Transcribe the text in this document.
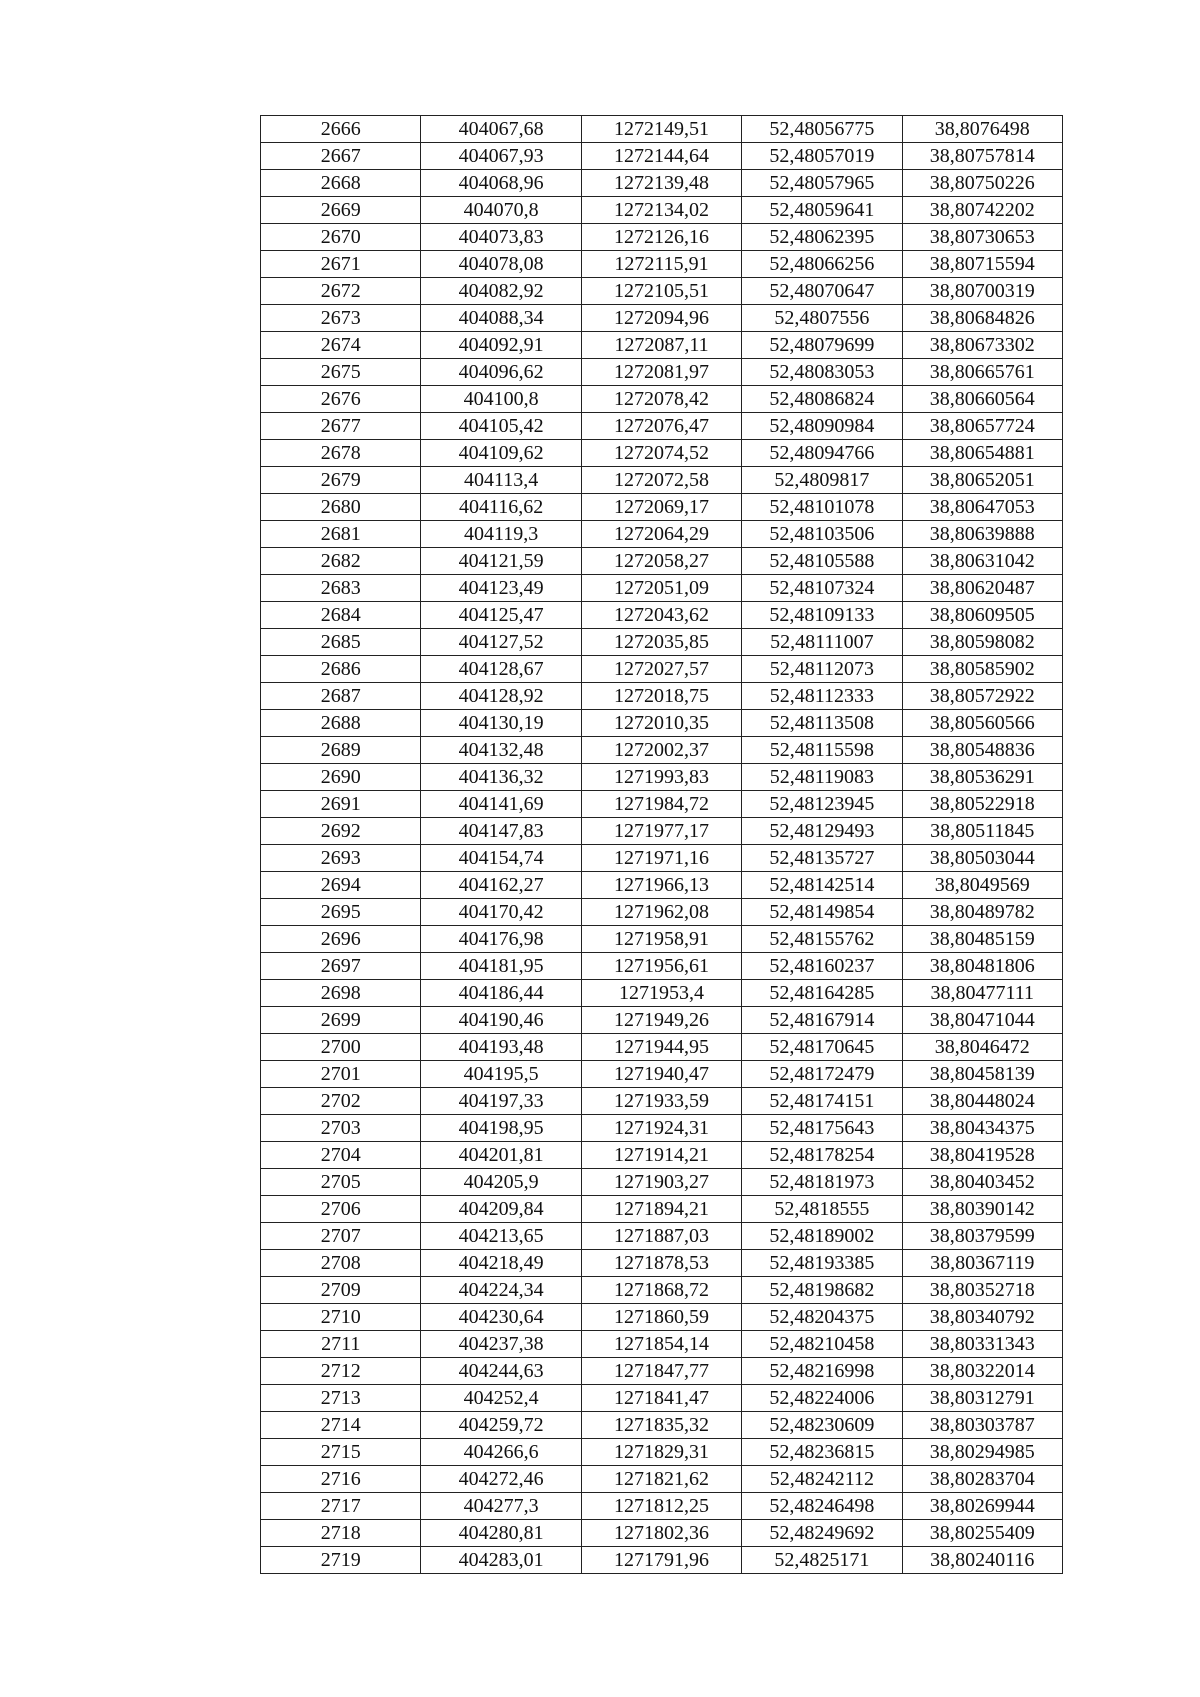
2666	404067,68	1272149,51	52,48056775	38,8076498
2667	404067,93	1272144,64	52,48057019	38,80757814
2668	404068,96	1272139,48	52,48057965	38,80750226
2669	404070,8	1272134,02	52,48059641	38,80742202
2670	404073,83	1272126,16	52,48062395	38,80730653
2671	404078,08	1272115,91	52,48066256	38,80715594
2672	404082,92	1272105,51	52,48070647	38,80700319
2673	404088,34	1272094,96	52,4807556	38,80684826
2674	404092,91	1272087,11	52,48079699	38,80673302
2675	404096,62	1272081,97	52,48083053	38,80665761
2676	404100,8	1272078,42	52,48086824	38,80660564
2677	404105,42	1272076,47	52,48090984	38,80657724
2678	404109,62	1272074,52	52,48094766	38,80654881
2679	404113,4	1272072,58	52,4809817	38,80652051
2680	404116,62	1272069,17	52,48101078	38,80647053
2681	404119,3	1272064,29	52,48103506	38,80639888
2682	404121,59	1272058,27	52,48105588	38,80631042
2683	404123,49	1272051,09	52,48107324	38,80620487
2684	404125,47	1272043,62	52,48109133	38,80609505
2685	404127,52	1272035,85	52,48111007	38,80598082
2686	404128,67	1272027,57	52,48112073	38,80585902
2687	404128,92	1272018,75	52,48112333	38,80572922
2688	404130,19	1272010,35	52,48113508	38,80560566
2689	404132,48	1272002,37	52,48115598	38,80548836
2690	404136,32	1271993,83	52,48119083	38,80536291
2691	404141,69	1271984,72	52,48123945	38,80522918
2692	404147,83	1271977,17	52,48129493	38,80511845
2693	404154,74	1271971,16	52,48135727	38,80503044
2694	404162,27	1271966,13	52,48142514	38,8049569
2695	404170,42	1271962,08	52,48149854	38,80489782
2696	404176,98	1271958,91	52,48155762	38,80485159
2697	404181,95	1271956,61	52,48160237	38,80481806
2698	404186,44	1271953,4	52,48164285	38,80477111
2699	404190,46	1271949,26	52,48167914	38,80471044
2700	404193,48	1271944,95	52,48170645	38,8046472
2701	404195,5	1271940,47	52,48172479	38,80458139
2702	404197,33	1271933,59	52,48174151	38,80448024
2703	404198,95	1271924,31	52,48175643	38,80434375
2704	404201,81	1271914,21	52,48178254	38,80419528
2705	404205,9	1271903,27	52,48181973	38,80403452
2706	404209,84	1271894,21	52,4818555	38,80390142
2707	404213,65	1271887,03	52,48189002	38,80379599
2708	404218,49	1271878,53	52,48193385	38,80367119
2709	404224,34	1271868,72	52,48198682	38,80352718
2710	404230,64	1271860,59	52,48204375	38,80340792
2711	404237,38	1271854,14	52,48210458	38,80331343
2712	404244,63	1271847,77	52,48216998	38,80322014
2713	404252,4	1271841,47	52,48224006	38,80312791
2714	404259,72	1271835,32	52,48230609	38,80303787
2715	404266,6	1271829,31	52,48236815	38,80294985
2716	404272,46	1271821,62	52,48242112	38,80283704
2717	404277,3	1271812,25	52,48246498	38,80269944
2718	404280,81	1271802,36	52,48249692	38,80255409
2719	404283,01	1271791,96	52,4825171	38,80240116
